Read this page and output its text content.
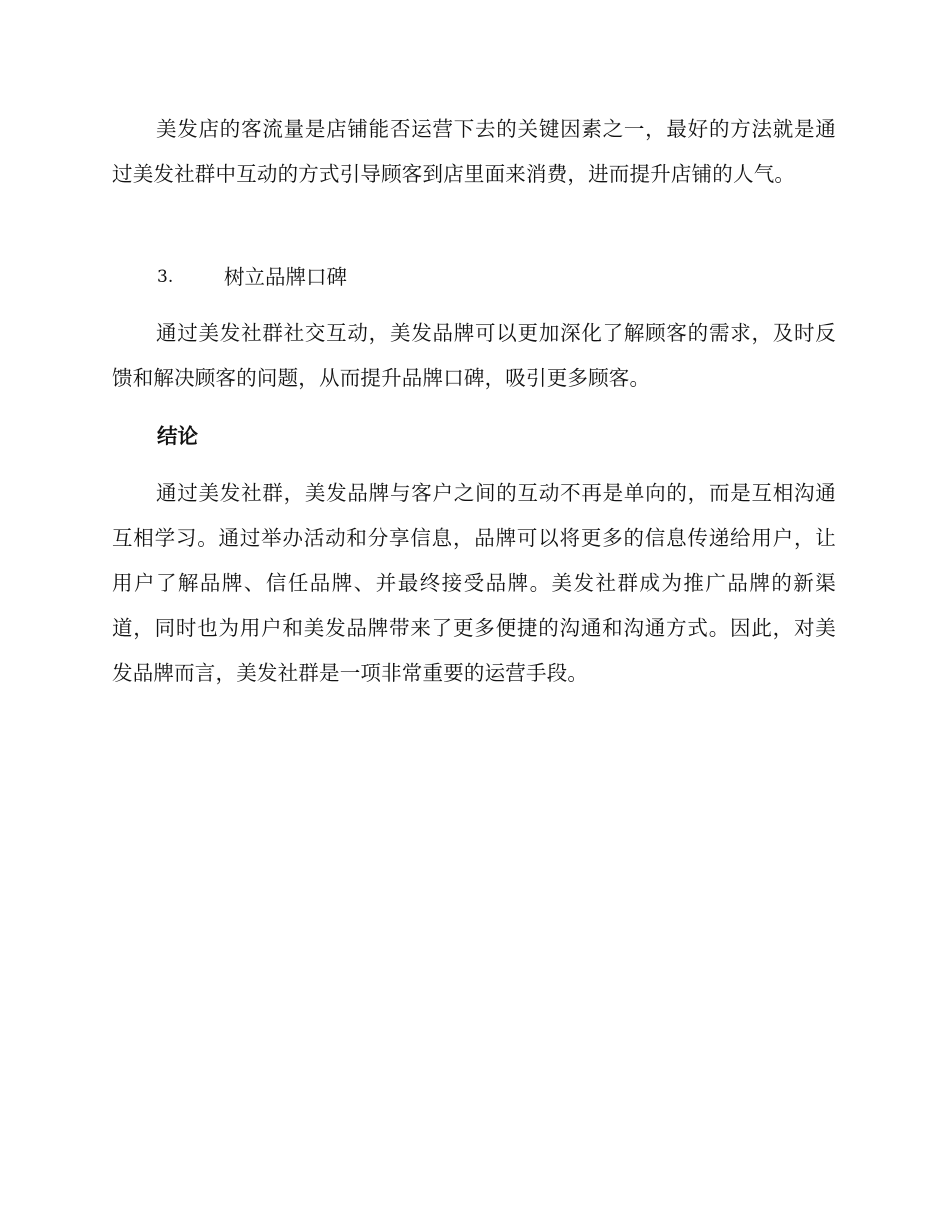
美发店的客流量是店铺能否运营下去的关键因素之一，最好的方法就是通过美发社群中互动的方式引导顾客到店里面来消费，进而提升店铺的人气。

3. 树立品牌口碑

通过美发社群社交互动，美发品牌可以更加深化了解顾客的需求，及时反馈和解决顾客的问题，从而提升品牌口碑，吸引更多顾客。

结论

通过美发社群，美发品牌与客户之间的互动不再是单向的，而是互相沟通互相学习。通过举办活动和分享信息，品牌可以将更多的信息传递给用户，让用户了解品牌、信任品牌、并最终接受品牌。美发社群成为推广品牌的新渠道，同时也为用户和美发品牌带来了更多便捷的沟通和沟通方式。因此，对美发品牌而言，美发社群是一项非常重要的运营手段。
